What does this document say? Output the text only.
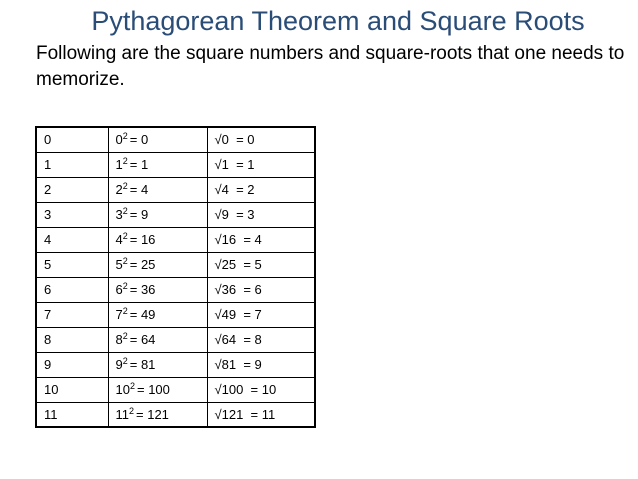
Pythagorean Theorem and Square Roots

Following are the square numbers and square-roots that one needs to memorize.

0	$0^2 = 0$	√0  = 0
1	$1^2 = 1$	√1  = 1
2	$2^2 = 4$	√4  = 2
3	$3^2 = 9$	√9  = 3
4	$4^2 = 16$	√16  = 4
5	$5^2 = 25$	√25  = 5
6	$6^2 = 36$	√36  = 6
7	$7^2 = 49$	√49  = 7
8	$8^2 = 64$	√64  = 8
9	$9^2 = 81$	√81  = 9
10	$10^2 = 100$	√100  = 10
11	$11^2 = 121$	√121  = 11
